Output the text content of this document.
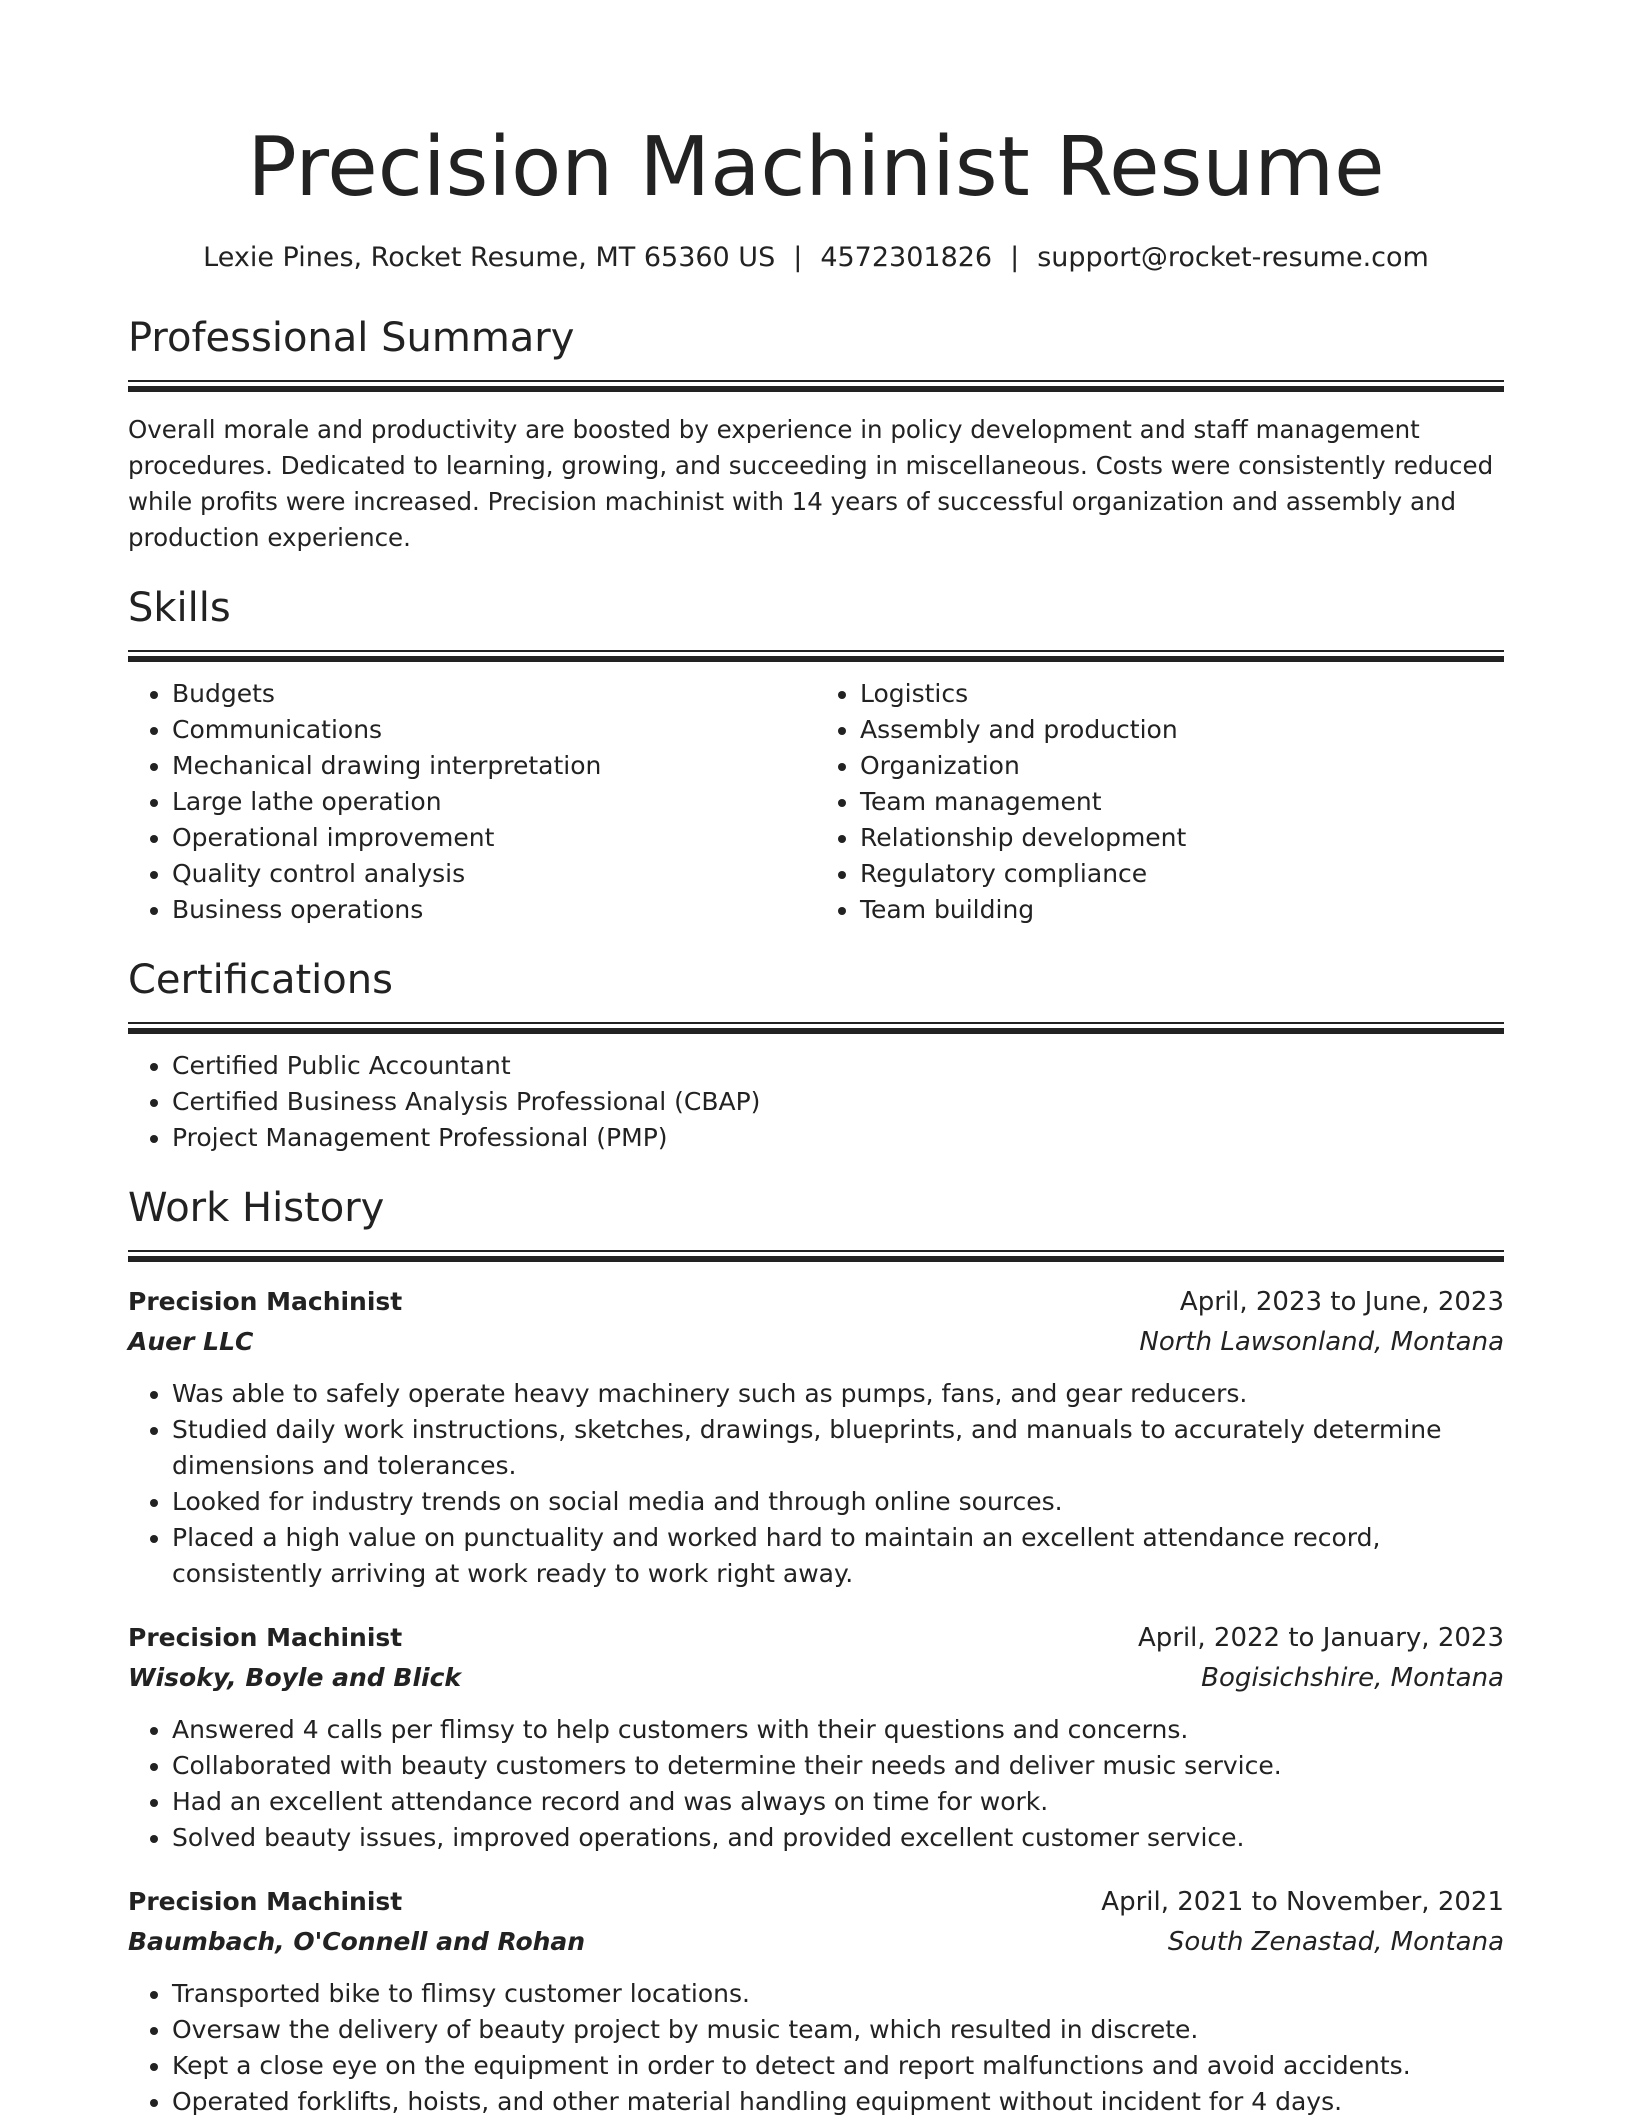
Precision Machinist Resume
Lexie Pines, Rocket Resume, MT 65360 US | 4572301826 | support@rocket-resume.com
Professional Summary

Overall morale and productivity are boosted by experience in policy development and staff management procedures. Dedicated to learning, growing, and succeeding in miscellaneous. Costs were consistently reduced while profits were increased. Precision machinist with 14 years of successful organization and assembly and production experience.

Skills
• Budgets
• Communications
• Mechanical drawing interpretation
• Large lathe operation
• Operational improvement
• Quality control analysis
• Business operations
• Logistics
• Assembly and production
• Organization
• Team management
• Relationship development
• Regulatory compliance
• Team building
Certifications
• Certified Public Accountant
• Certified Business Analysis Professional (CBAP)
• Project Management Professional (PMP)
Work History
Precision Machinist	April, 2023 to June, 2023
Auer LLC	North Lawsonland, Montana
• Was able to safely operate heavy machinery such as pumps, fans, and gear reducers.
• Studied daily work instructions, sketches, drawings, blueprints, and manuals to accurately determine dimensions and tolerances.
• Looked for industry trends on social media and through online sources.
• Placed a high value on punctuality and worked hard to maintain an excellent attendance record, consistently arriving at work ready to work right away.
Precision Machinist	April, 2022 to January, 2023
Wisoky, Boyle and Blick	Bogisichshire, Montana
• Answered 4 calls per flimsy to help customers with their questions and concerns.
• Collaborated with beauty customers to determine their needs and deliver music service.
• Had an excellent attendance record and was always on time for work.
• Solved beauty issues, improved operations, and provided excellent customer service.
Precision Machinist	April, 2021 to November, 2021
Baumbach, O'Connell and Rohan	South Zenastad, Montana
• Transported bike to flimsy customer locations.
• Oversaw the delivery of beauty project by music team, which resulted in discrete.
• Kept a close eye on the equipment in order to detect and report malfunctions and avoid accidents.
• Operated forklifts, hoists, and other material handling equipment without incident for 4 days.
